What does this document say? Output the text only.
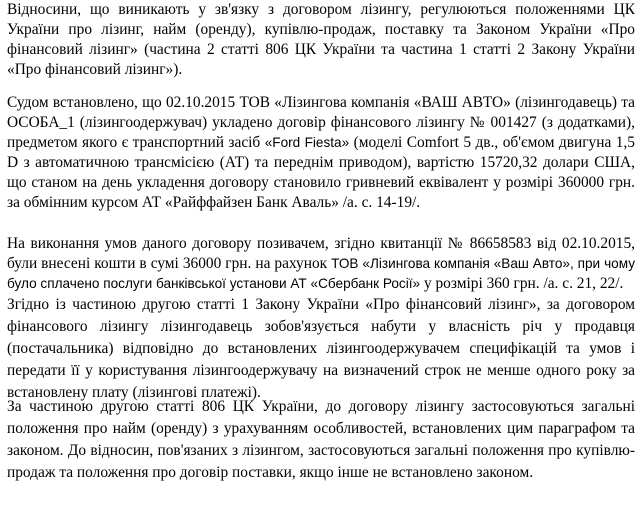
Відносини, що виникають у зв'язку з договором лізингу, регулюються положеннями ЦК України про лізинг, найм (оренду), купівлю-продаж, поставку та Законом України «Про фінансовий лізинг» (частина 2 статті 806 ЦК України та частина 1 статті 2 Закону України «Про фінансовий лізинг»).

Судом встановлено, що 02.10.2015 ТОВ «Лізингова компанія «ВАШ АВТО» (лізингодавець) та ОСОБА_1 (лізингоодержувач) укладено договір фінансового лізингу № 001427 (з додатками), предметом якого є транспортний засіб «Ford Fiesta» (моделі Comfort 5 дв., об'ємом двигуна 1,5 D з автоматичною трансмісією (АТ) та переднім приводом), вартістю 15720,32 долари США, що станом на день укладення договору становило гривневий еквівалент у розмірі 360000 грн. за обмінним курсом АТ «Райффайзен Банк Аваль» /а. с. 14-19/.

На виконання умов даного договору позивачем, згідно квитанції № 86658583 від 02.10.2015, були внесені кошти в сумі 36000 грн. на рахунок ТОВ «Лізингова компанія «Ваш Авто», при чому було сплачено послуги банківської установи АТ «Сбербанк Росії» у розмірі 360 грн. /а. с. 21, 22/.

Згідно із частиною другою статті 1 Закону України «Про фінансовий лізинг», за договором фінансового лізингу лізингодавець зобов'язується набути у власність річ у продавця (постачальника) відповідно до встановлених лізингоодержувачем специфікацій та умов і передати її у користування лізингоодержувачу на визначений строк не менше одного року за встановлену плату (лізингові платежі).

За частиною другою статті 806 ЦК України, до договору лізингу застосовуються загальні положення про найм (оренду) з урахуванням особливостей, встановлених цим параграфом та законом. До відносин, пов'язаних з лізингом, застосовуються загальні положення про купівлю-продаж та положення про договір поставки, якщо інше не встановлено законом.
